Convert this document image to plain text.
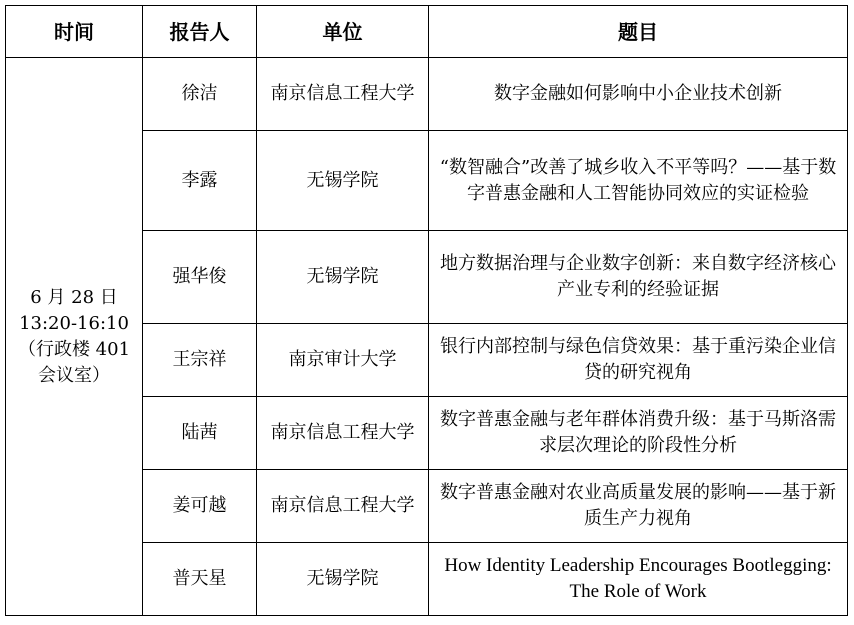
时间	报告人	单位	题目

6 月 28 日
13:20-16:10
（行政楼 401
会议室）	徐洁	南京信息工程大学	数字金融如何影响中小企业技术创新
	李露	无锡学院	“数智融合”改善了城乡收入不平等吗？——基于数字普惠金融和人工智能协同效应的实证检验
	强华俊	无锡学院	地方数据治理与企业数字创新：来自数字经济核心产业专利的经验证据
	王宗祥	南京审计大学	银行内部控制与绿色信贷效果：基于重污染企业信贷的研究视角
	陆茜	南京信息工程大学	数字普惠金融与老年群体消费升级：基于马斯洛需求层次理论的阶段性分析
	姜可越	南京信息工程大学	数字普惠金融对农业高质量发展的影响——基于新质生产力视角
	普天星	无锡学院	How Identity Leadership Encourages Bootlegging: The Role of Work
